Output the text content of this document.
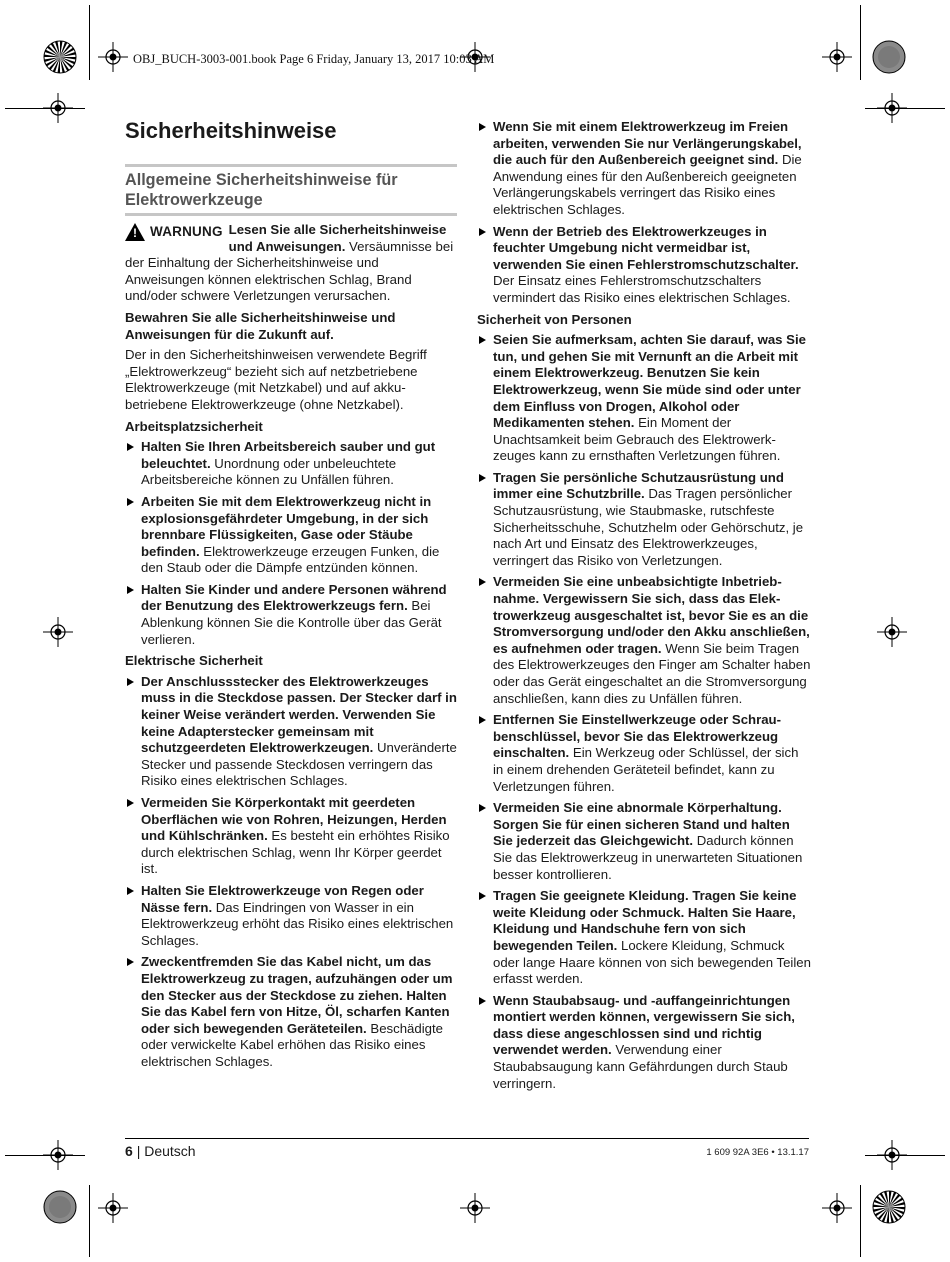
OBJ_BUCH-3003-001.book Page 6 Friday, January 13, 2017 10:03 AM
Sicherheitshinweise
Allgemeine Sicherheitshinweise für Elektrowerkzeuge
! WARNUNG Lesen Sie alle Sicherheitshinweise und Anweisungen. Versäumnisse bei der Einhaltung der Sicherheitshinweise und Anweisungen können elektrischen Schlag, Brand und/oder schwere Verletzungen verursachen.

Bewahren Sie alle Sicherheitshinweise und Anweisungen für die Zukunft auf.

Der in den Sicherheitshinweisen verwendete Begriff „Elektrowerkzeug“ bezieht sich auf netzbetriebene Elektrowerkzeuge (mit Netzkabel) und auf akkubetriebene Elektrowerkzeuge (ohne Netzkabel).

Arbeitsplatzsicherheit

Halten Sie Ihren Arbeitsbereich sauber und gut beleuchtet. Unordnung oder unbeleuchtete Arbeitsbereiche können zu Unfällen führen.
Arbeiten Sie mit dem Elektrowerkzeug nicht in explosionsgefährdeter Umgebung, in der sich brennbare Flüssigkeiten, Gase oder Stäube befinden. Elektrowerkzeuge erzeugen Funken, die den Staub oder die Dämpfe entzünden können.
Halten Sie Kinder und andere Personen während der Benutzung des Elektrowerkzeugs fern. Bei Ablenkung können Sie die Kontrolle über das Gerät verlieren.

Elektrische Sicherheit

Der Anschlussstecker des Elektrowerkzeuges muss in die Steckdose passen. Der Stecker darf in keiner Weise verändert werden. Verwenden Sie keine Adapterstecker gemeinsam mit schutzgeerdeten Elektrowerkzeugen. Unveränderte Stecker und passende Steckdosen verringern das Risiko eines elektrischen Schlages.
Vermeiden Sie Körperkontakt mit geerdeten Oberflächen wie von Rohren, Heizungen, Herden und Kühlschränken. Es besteht ein erhöhtes Risiko durch elektrischen Schlag, wenn Ihr Körper geerdet ist.
Halten Sie Elektrowerkzeuge von Regen oder Nässe fern. Das Eindringen von Wasser in ein Elektrowerkzeug erhöht das Risiko eines elektrischen Schlages.
Zweckentfremden Sie das Kabel nicht, um das Elektrowerkzeug zu tragen, aufzuhängen oder um den Stecker aus der Steckdose zu ziehen. Halten Sie das Kabel fern von Hitze, Öl, scharfen Kanten oder sich bewegenden Geräteteilen. Beschädigte oder verwickelte Kabel erhöhen das Risiko eines elektrischen Schlages.
Wenn Sie mit einem Elektrowerkzeug im Freien arbeiten, verwenden Sie nur Verlängerungskabel, die auch für den Außenbereich geeignet sind. Die Anwendung eines für den Außenbereich geeigneten Verlängerungskabels verringert das Risiko eines elektrischen Schlages.
Wenn der Betrieb des Elektrowerkzeuges in feuchter Umgebung nicht vermeidbar ist, verwenden Sie einen Fehlerstromschutzschalter. Der Einsatz eines Fehlerstromschutzschalters vermindert das Risiko eines elektrischen Schlages.

Sicherheit von Personen

Seien Sie aufmerksam, achten Sie darauf, was Sie tun, und gehen Sie mit Vernunft an die Arbeit mit einem Elektrowerkzeug. Benutzen Sie kein Elektrowerkzeug, wenn Sie müde sind oder unter dem Einfluss von Drogen, Alkohol oder Medikamenten stehen. Ein Moment der Unachtsamkeit beim Gebrauch des Elektrowerkzeuges kann zu ernsthaften Verletzungen führen.
Tragen Sie persönliche Schutzausrüstung und immer eine Schutzbrille. Das Tragen persönlicher Schutzausrüstung, wie Staubmaske, rutschfeste Sicherheitsschuhe, Schutzhelm oder Gehörschutz, je nach Art und Einsatz des Elektrowerkzeuges, verringert das Risiko von Verletzungen.
Vermeiden Sie eine unbeabsichtigte Inbetriebnahme. Vergewissern Sie sich, dass das Elektrowerkzeug ausgeschaltet ist, bevor Sie es an die Stromversorgung und/oder den Akku anschließen, es aufnehmen oder tragen. Wenn Sie beim Tragen des Elektrowerkzeuges den Finger am Schalter haben oder das Gerät eingeschaltet an die Stromversorgung anschließen, kann dies zu Unfällen führen.
Entfernen Sie Einstellwerkzeuge oder Schraubenschlüssel, bevor Sie das Elektrowerkzeug einschalten. Ein Werkzeug oder Schlüssel, der sich in einem drehenden Geräteteil befindet, kann zu Verletzungen führen.
Vermeiden Sie eine abnormale Körperhaltung. Sorgen Sie für einen sicheren Stand und halten Sie jederzeit das Gleichgewicht. Dadurch können Sie das Elektrowerkzeug in unerwarteten Situationen besser kontrollieren.
Tragen Sie geeignete Kleidung. Tragen Sie keine weite Kleidung oder Schmuck. Halten Sie Haare, Kleidung und Handschuhe fern von sich bewegenden Teilen. Lockere Kleidung, Schmuck oder lange Haare können von sich bewegenden Teilen erfasst werden.
Wenn Staubabsaug- und -auffangeinrichtungen montiert werden können, vergewissern Sie sich, dass diese angeschlossen sind und richtig verwendet werden. Verwendung einer Staubabsaugung kann Gefährdungen durch Staub verringern.
6 | Deutsch	1 609 92A 3E6 • 13.1.17
